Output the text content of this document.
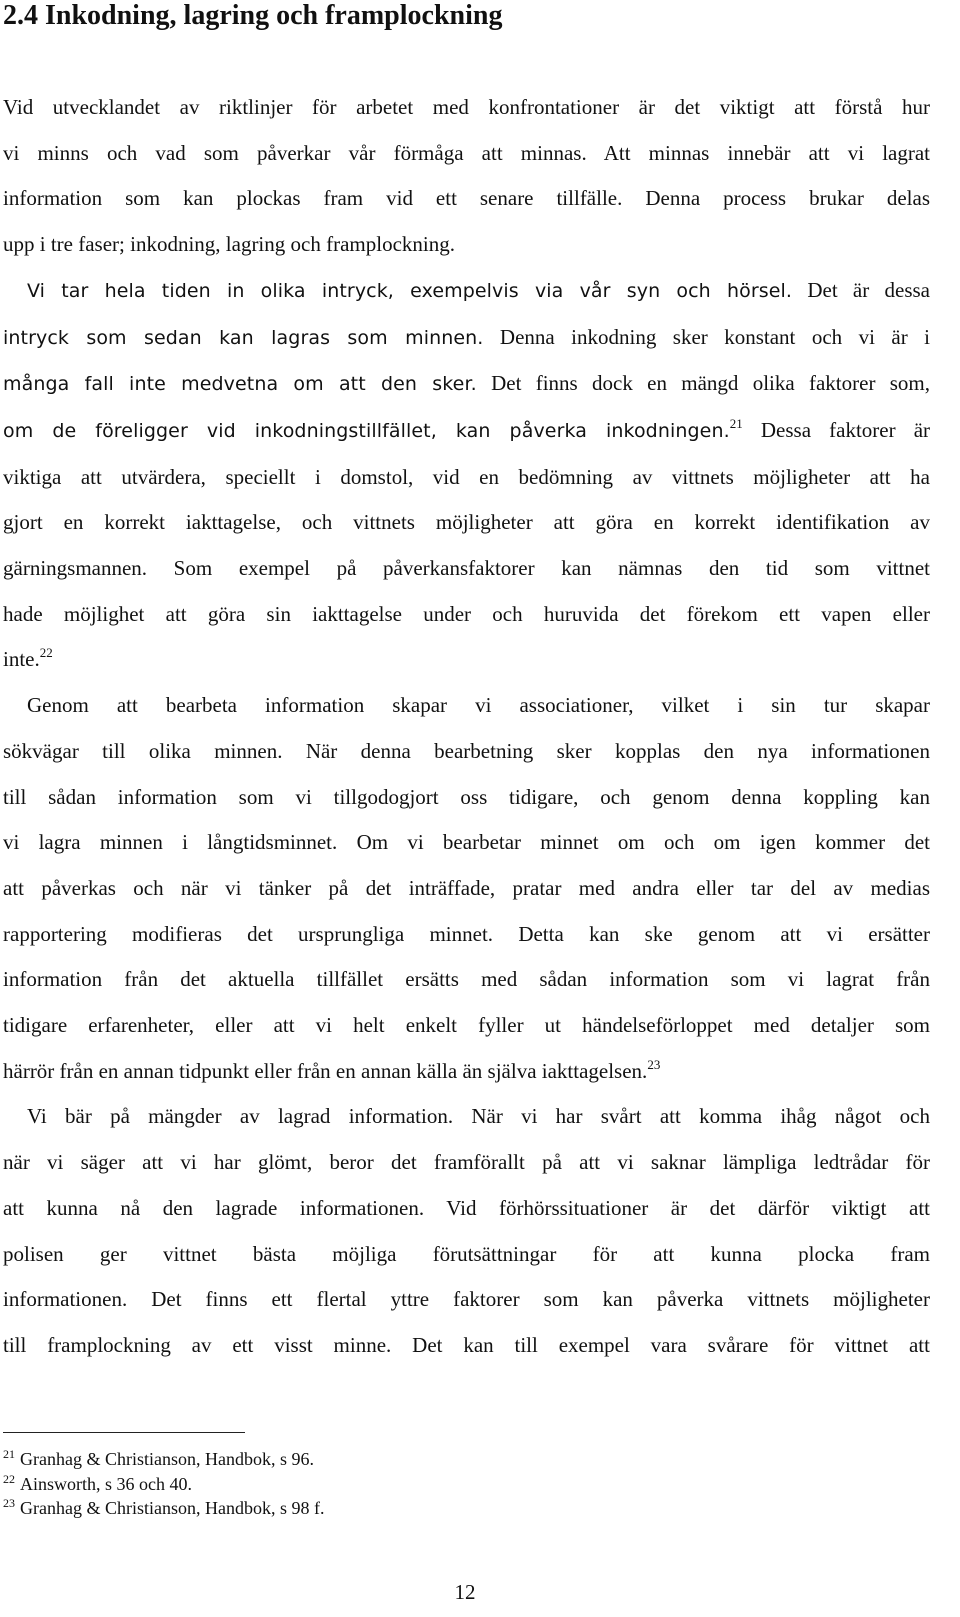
2.4 Inkodning, lagring och framplockning
Vid utvecklandet av riktlinjer för arbetet med konfrontationer är det viktigt att förstå hur
vi minns och vad som påverkar vår förmåga att minnas. Att minnas innebär att vi lagrat
information som kan plockas fram vid ett senare tillfälle. Denna process brukar delas
upp i tre faser; inkodning, lagring och framplockning.
Vi tar hela tiden in olika intryck, exempelvis via vår syn och hörsel. Det är dessa
intryck som sedan kan lagras som minnen. Denna inkodning sker konstant och vi är i
många fall inte medvetna om att den sker. Det finns dock en mängd olika faktorer som,
om de föreligger vid inkodningstillfället, kan påverka inkodningen.$^{21}$ Dessa faktorer är
viktiga att utvärdera, speciellt i domstol, vid en bedömning av vittnets möjligheter att ha
gjort en korrekt iakttagelse, och vittnets möjligheter att göra en korrekt identifikation av
gärningsmannen. Som exempel på påverkansfaktorer kan nämnas den tid som vittnet
hade möjlighet att göra sin iakttagelse under och huruvida det förekom ett vapen eller
inte.$^{22}$
Genom att bearbeta information skapar vi associationer, vilket i sin tur skapar
sökvägar till olika minnen. När denna bearbetning sker kopplas den nya informationen
till sådan information som vi tillgodogjort oss tidigare, och genom denna koppling kan
vi lagra minnen i långtidsminnet. Om vi bearbetar minnet om och om igen kommer det
att påverkas och när vi tänker på det inträffade, pratar med andra eller tar del av medias
rapportering modifieras det ursprungliga minnet. Detta kan ske genom att vi ersätter
information från det aktuella tillfället ersätts med sådan information som vi lagrat från
tidigare erfarenheter, eller att vi helt enkelt fyller ut händelseförloppet med detaljer som
härrör från en annan tidpunkt eller från en annan källa än själva iakttagelsen.$^{23}$
Vi bär på mängder av lagrad information. När vi har svårt att komma ihåg något och
när vi säger att vi har glömt, beror det framförallt på att vi saknar lämpliga ledtrådar för
att kunna nå den lagrade informationen. Vid förhörssituationer är det därför viktigt att
polisen ger vittnet bästa möjliga förutsättningar för att kunna plocka fram
informationen. Det finns ett flertal yttre faktorer som kan påverka vittnets möjligheter
till framplockning av ett visst minne. Det kan till exempel vara svårare för vittnet att
$^{21}$ Granhag & Christianson, Handbok, s 96.
$^{22}$ Ainsworth, s 36 och 40.
$^{23}$ Granhag & Christianson, Handbok, s 98 f.
12
